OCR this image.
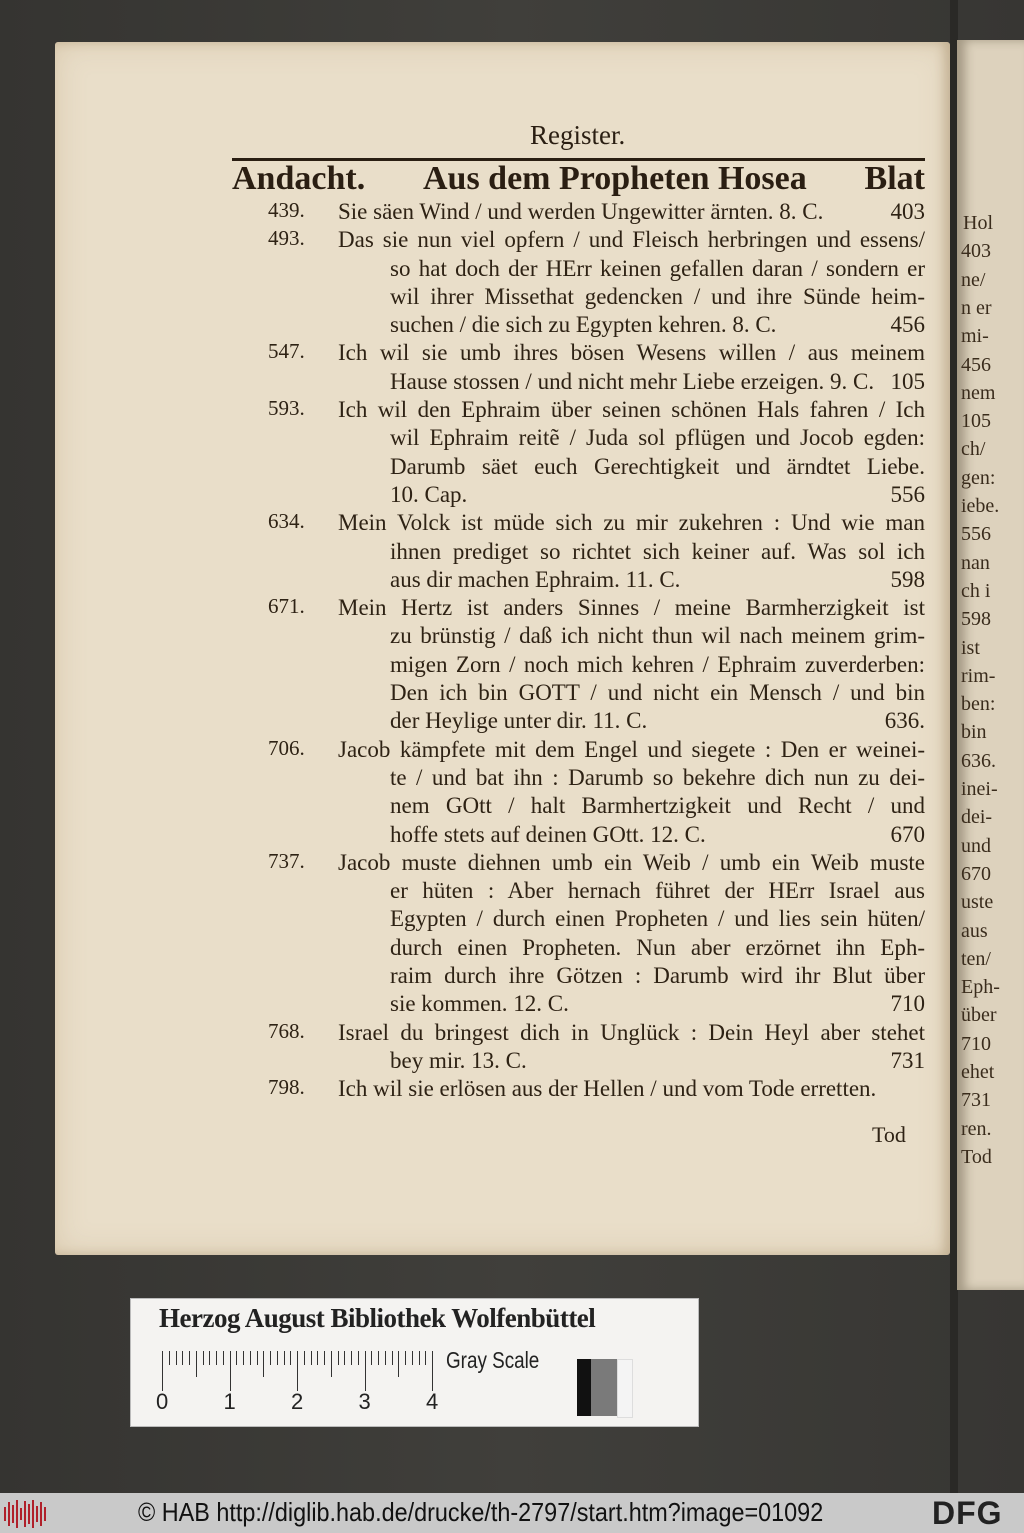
Hol
403
ne/
n er
mi-
456
nem
105
ch/
gen:
iebe.
556
nan
ch i
598
ist
rim-
ben:
bin
636.
inei-
dei-
und
670
uste
aus
ten/
Eph-
über
710
ehet
731
ren.
Tod
Register.
Andacht. Aus dem Propheten Hosea Blat
439. Sie säen Wind / und werden Ungewitter ärnten. 8. C.	403
493. Das sie nun viel opfern / und Fleisch herbringen und essens/
so hat doch der HErr keinen gefallen daran / sondern er
wil ihrer Missethat gedencken / und ihre Sünde heim-
suchen / die sich zu Egypten kehren. 8. C.	456
547. Ich wil sie umb ihres bösen Wesens willen / aus meinem
Hause stossen / und nicht mehr Liebe erzeigen. 9. C. 105
593. Ich wil den Ephraim über seinen schönen Hals fahren / Ich
wil Ephraim reitẽ / Juda sol pflügen und Jocob egden:
Darumb säet euch Gerechtigkeit und ärndtet Liebe.
10. Cap.	556
634. Mein Volck ist müde sich zu mir zukehren : Und wie man
ihnen prediget so richtet sich keiner auf. Was sol ich
aus dir machen Ephraim. 11. C.	598
671. Mein Hertz ist anders Sinnes / meine Barmherzigkeit ist
zu brünstig / daß ich nicht thun wil nach meinem grim-
migen Zorn / noch mich kehren / Ephraim zuverderben:
Den ich bin GOTT / und nicht ein Mensch / und bin
der Heylige unter dir. 11. C.	636.
706. Jacob kämpfete mit dem Engel und siegete : Den er weinei-
te / und bat ihn : Darumb so bekehre dich nun zu dei-
nem GOtt / halt Barmhertzigkeit und Recht / und
hoffe stets auf deinen GOtt. 12. C.	670
737. Jacob muste diehnen umb ein Weib / umb ein Weib muste
er hüten : Aber hernach führet der HErr Israel aus
Egypten / durch einen Propheten / und lies sein hüten/
durch einen Propheten. Nun aber erzörnet ihn Eph-
raim durch ihre Götzen : Darumb wird ihr Blut über
sie kommen. 12. C.	710
768. Israel du bringest dich in Unglück : Dein Heyl aber stehet
bey mir. 13. C.	731
798. Ich wil sie erlösen aus der Hellen / und vom Tode erretten.
Tod
Herzog August Bibliothek Wolfenbüttel
Gray Scale
0	1	2	3	4
© HAB http://diglib.hab.de/drucke/th-2797/start.htm?image=01092	DFG
